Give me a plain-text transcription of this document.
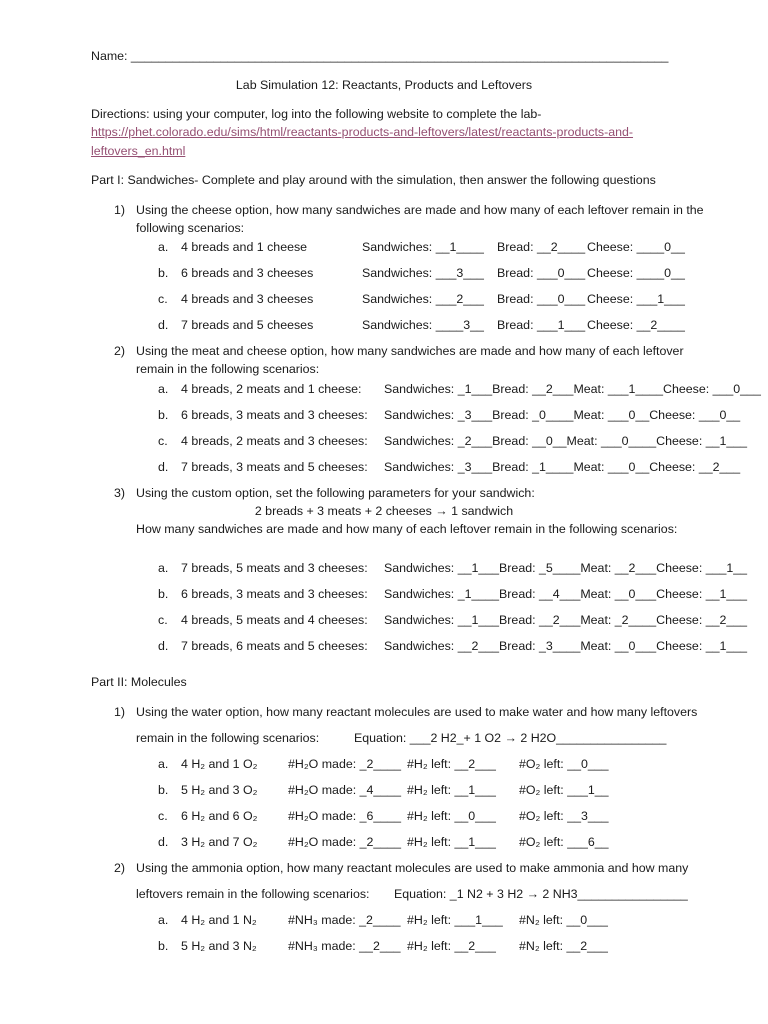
Name: ______________________________________________________________________________
Lab Simulation 12: Reactants, Products and Leftovers
Directions: using your computer, log into the following website to complete the lab-
https://phet.colorado.edu/sims/html/reactants-products-and-leftovers/latest/reactants-products-and-
leftovers_en.html
Part I: Sandwiches- Complete and play around with the simulation, then answer the following questions
1) Using the cheese option, how many sandwiches are made and how many of each leftover remain in the
following scenarios:
a. 4 breads and 1 cheese	Sandwiches: __1____ Bread: __2____ Cheese: ____0__
b. 6 breads and 3 cheeses	Sandwiches: ___3___ Bread: ___0___ Cheese: ____0__
c. 4 breads and 3 cheeses	Sandwiches: ___2___ Bread: ___0___ Cheese: ___1___
d. 7 breads and 5 cheeses	Sandwiches: ____3__ Bread: ___1___ Cheese: __2____
2) Using the meat and cheese option, how many sandwiches are made and how many of each leftover
remain in the following scenarios:
a. 4 breads, 2 meats and 1 cheese: Sandwiches: _1___Bread: __2___Meat: ___1____Cheese: ___0___
b. 6 breads, 3 meats and 3 cheeses: Sandwiches: _3___Bread: _0____Meat: ___0__Cheese: ___0__
c. 4 breads, 2 meats and 3 cheeses: Sandwiches: _2___Bread: __0__Meat: ___0____Cheese: __1___
d. 7 breads, 3 meats and 5 cheeses: Sandwiches: _3___Bread: _1____Meat: ___0__Cheese: __2___
3) Using the custom option, set the following parameters for your sandwich:
2 breads + 3 meats + 2 cheeses → 1 sandwich
How many sandwiches are made and how many of each leftover remain in the following scenarios:
a. 7 breads, 5 meats and 3 cheeses: Sandwiches: __1___Bread: _5____Meat: __2___Cheese: ___1__
b. 6 breads, 3 meats and 3 cheeses: Sandwiches: _1____Bread: __4___Meat: __0___Cheese: __1___
c. 4 breads, 5 meats and 4 cheeses: Sandwiches: __1___Bread: __2___Meat: _2____Cheese: __2___
d. 7 breads, 6 meats and 5 cheeses: Sandwiches: __2___Bread: _3____Meat: __0___Cheese: __1___
Part II: Molecules
1) Using the water option, how many reactant molecules are used to make water and how many leftovers
remain in the following scenarios:	Equation: ___2 H2_+ 1 O2 → 2 H2O________________
a. 4 H₂ and 1 O₂ #H₂O made: _2____ #H₂ left: __2___ #O₂ left: __0___
b. 5 H₂ and 3 O₂ #H₂O made: _4____ #H₂ left: __1___ #O₂ left: ___1__
c. 6 H₂ and 6 O₂ #H₂O made: _6____ #H₂ left: __0___ #O₂ left: __3___
d. 3 H₂ and 7 O₂ #H₂O made: _2____ #H₂ left: __1___ #O₂ left: ___6__
2) Using the ammonia option, how many reactant molecules are used to make ammonia and how many
leftovers remain in the following scenarios: Equation: _1 N2 + 3 H2 → 2 NH3________________
a. 4 H₂ and 1 N₂	#NH₃ made: _2____ #H₂ left: ___1___ #N₂ left: __0___
b. 5 H₂ and 3 N₂	#NH₃ made: __2___ #H₂ left: __2___ #N₂ left: __2___
